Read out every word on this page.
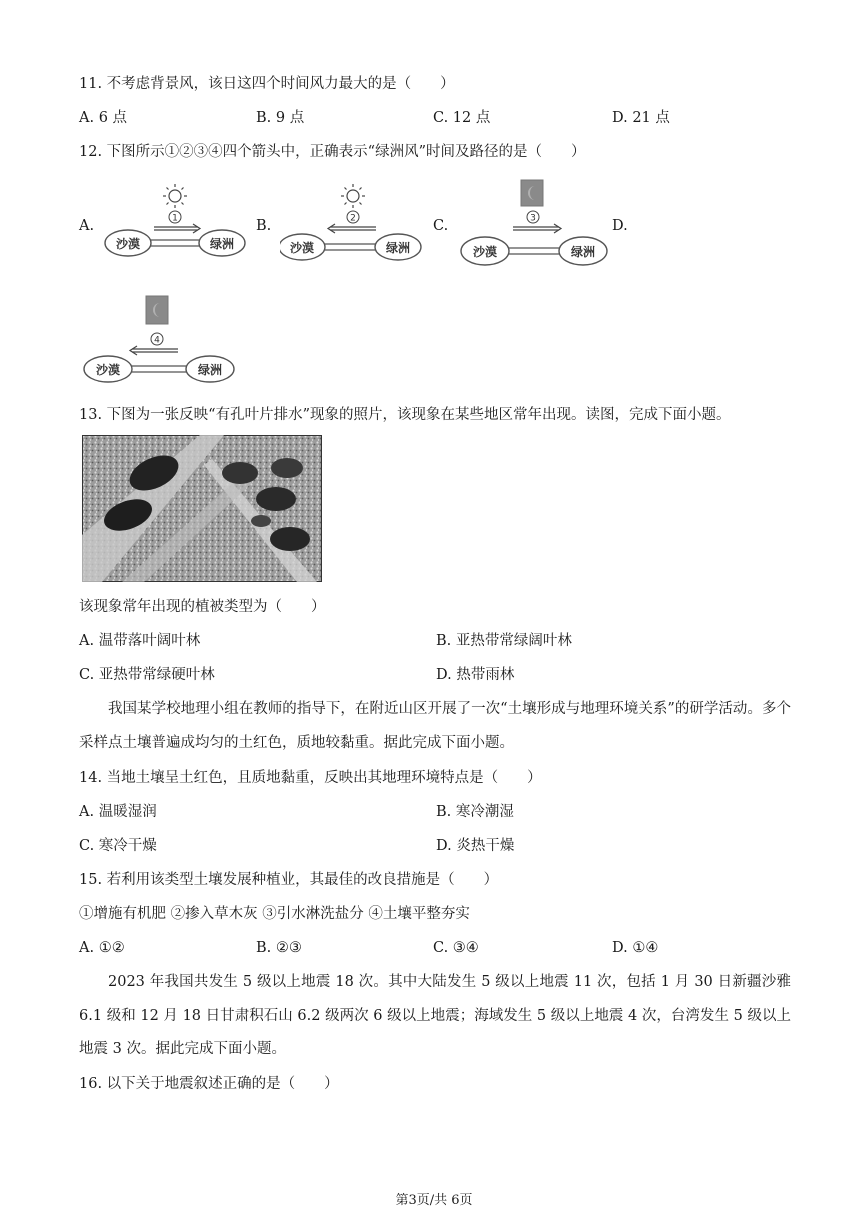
11. 不考虑背景风，该日这四个时间风力最大的是（　　）
A. 6 点	B. 9 点	C. 12 点	D. 21 点
12. 下图所示①②③④四个箭头中，正确表示“绿洲风”时间及路径的是（　　）
A.	B.	C.	D.
1
沙漠	绿洲
2
沙漠	绿洲
3
沙漠	绿洲
4
沙漠	绿洲
13. 下图为一张反映“有孔叶片排水”现象的照片，该现象在某些地区常年出现。读图，完成下面小题。
该现象常年出现的植被类型为（　　）
A. 温带落叶阔叶林	B. 亚热带常绿阔叶林
C. 亚热带常绿硬叶林	D. 热带雨林
我国某学校地理小组在教师的指导下，在附近山区开展了一次“土壤形成与地理环境关系”的研学活动。多个采样点土壤普遍成均匀的土红色，质地较黏重。据此完成下面小题。
14. 当地土壤呈土红色，且质地黏重，反映出其地理环境特点是（　　）
A. 温暖湿润	B. 寒冷潮湿
C. 寒冷干燥	D. 炎热干燥
15. 若利用该类型土壤发展种植业，其最佳的改良措施是（　　）
①增施有机肥 ②掺入草木灰 ③引水淋洗盐分 ④土壤平整夯实
A. ①②	B. ②③	C. ③④	D. ①④
2023 年我国共发生 5 级以上地震 18 次。其中大陆发生 5 级以上地震 11 次，包括 1 月 30 日新疆沙雅 6.1 级和 12 月 18 日甘肃积石山 6.2 级两次 6 级以上地震；海域发生 5 级以上地震 4 次，台湾发生 5 级以上地震 3 次。据此完成下面小题。
16. 以下关于地震叙述正确的是（　　）
第3页/共 6页
